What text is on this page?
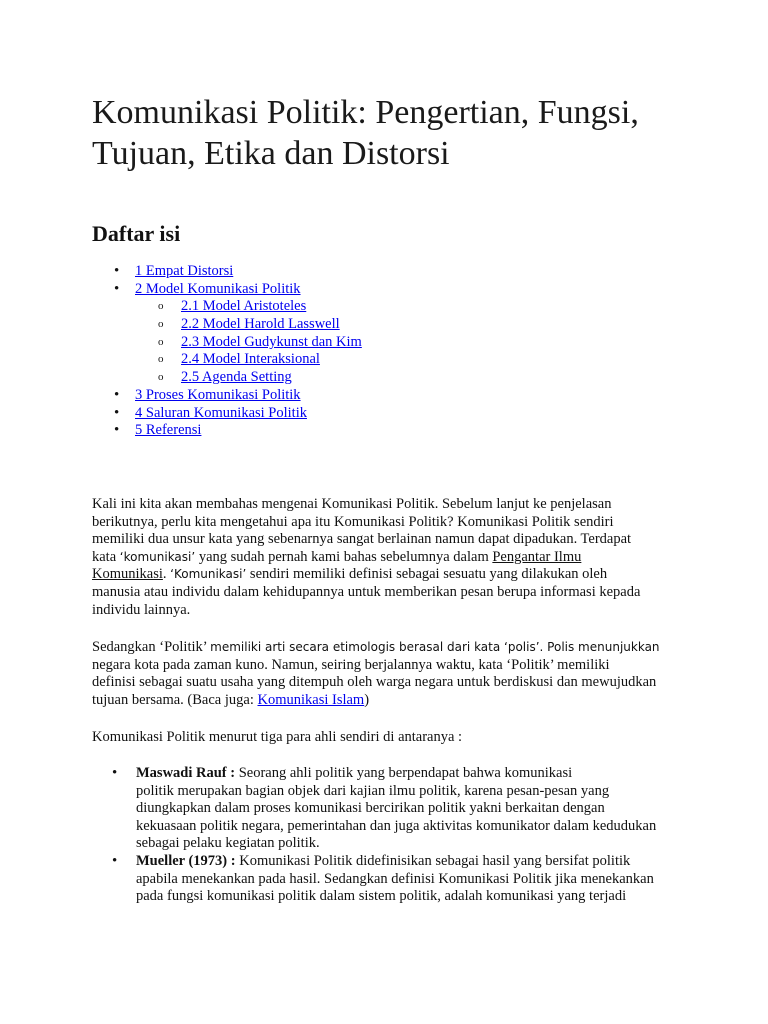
Komunikasi Politik: Pengertian, Fungsi,
Tujuan, Etika dan Distorsi
Daftar isi
• 1 Empat Distorsi
• 2 Model Komunikasi Politik
o 2.1 Model Aristoteles
o 2.2 Model Harold Lasswell
o 2.3 Model Gudykunst dan Kim
o 2.4 Model Interaksional
o 2.5 Agenda Setting
• 3 Proses Komunikasi Politik
• 4 Saluran Komunikasi Politik
• 5 Referensi
Kali ini kita akan membahas mengenai Komunikasi Politik. Sebelum lanjut ke penjelasan
berikutnya, perlu kita mengetahui apa itu Komunikasi Politik? Komunikasi Politik sendiri
memiliki dua unsur kata yang sebenarnya sangat berlainan namun dapat dipadukan. Terdapat
kata ‘komunikasi’ yang sudah pernah kami bahas sebelumnya dalam Pengantar Ilmu
Komunikasi. ‘Komunikasi’ sendiri memiliki definisi sebagai sesuatu yang dilakukan oleh
manusia atau individu dalam kehidupannya untuk memberikan pesan berupa informasi kepada
individu lainnya.
Sedangkan ‘Politik’ memiliki arti secara etimologis berasal dari kata ‘polis’. Polis menunjukkan
negara kota pada zaman kuno. Namun, seiring berjalannya waktu, kata ‘Politik’ memiliki
definisi sebagai suatu usaha yang ditempuh oleh warga negara untuk berdiskusi dan mewujudkan
tujuan bersama. (Baca juga: Komunikasi Islam)
Komunikasi Politik menurut tiga para ahli sendiri di antaranya :
• Maswadi Rauf : Seorang ahli politik yang berpendapat bahwa komunikasi
politik merupakan bagian objek dari kajian ilmu politik, karena pesan-pesan yang
diungkapkan dalam proses komunikasi bercirikan politik yakni berkaitan dengan
kekuasaan politik negara, pemerintahan dan juga aktivitas komunikator dalam kedudukan
sebagai pelaku kegiatan politik.
• Mueller (1973) : Komunikasi Politik didefinisikan sebagai hasil yang bersifat politik
apabila menekankan pada hasil. Sedangkan definisi Komunikasi Politik jika menekankan
pada fungsi komunikasi politik dalam sistem politik, adalah komunikasi yang terjadi
